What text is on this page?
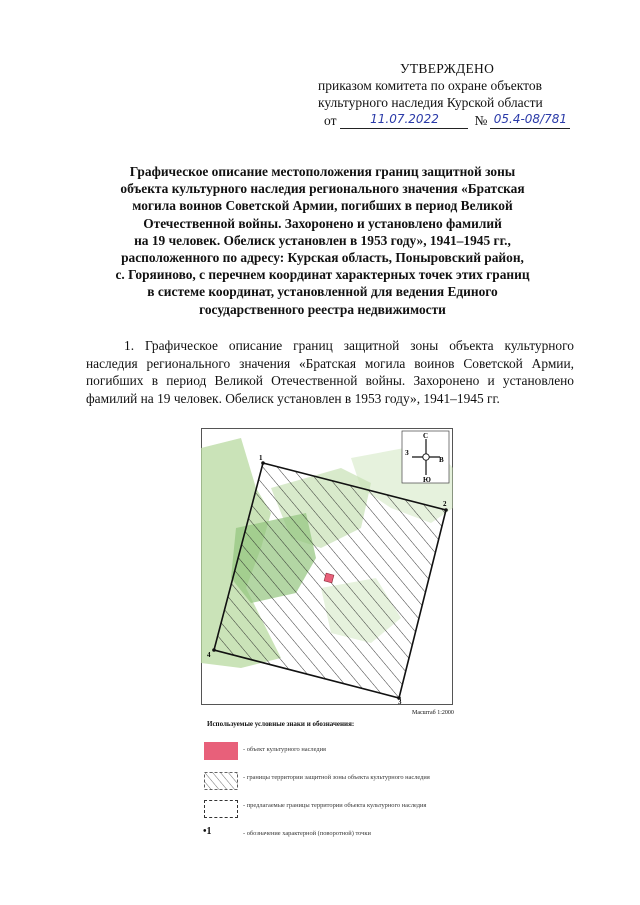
УТВЕРЖДЕНО
приказом комитета по охране объектов
культурного наследия Курской области
от	11.07.2022	№ 05.4-08/781
Графическое описание местоположения границ защитной зоны
объекта культурного наследия регионального значения «Братская
могила воинов Советской Армии, погибших в период Великой
Отечественной войны. Захоронено и установлено фамилий
на 19 человек. Обелиск установлен в 1953 году», 1941–1945 гг.,
расположенного по адресу: Курская область, Поныровский район,
с. Горяиново, с перечнем координат характерных точек этих границ
в системе координат, установленной для ведения Единого
государственного реестра недвижимости

1. Графическое описание границ защитной зоны объекта культурного наследия регионального значения «Братская могила воинов Советской Армии, погибших в период Великой Отечественной войны. Захоронено и установлено фамилий на 19 человек. Обелиск установлен в 1953 году», 1941–1945 гг.

1
2
3
4
С
Ю
З
В
Масштаб 1:2000
Используемые условные знаки и обозначения:
- объект культурного наследия
- границы территории защитной зоны объекта культурного наследия
- предлагаемые границы территории объекта культурного наследия
•1	- обозначение характерной (поворотной) точки
